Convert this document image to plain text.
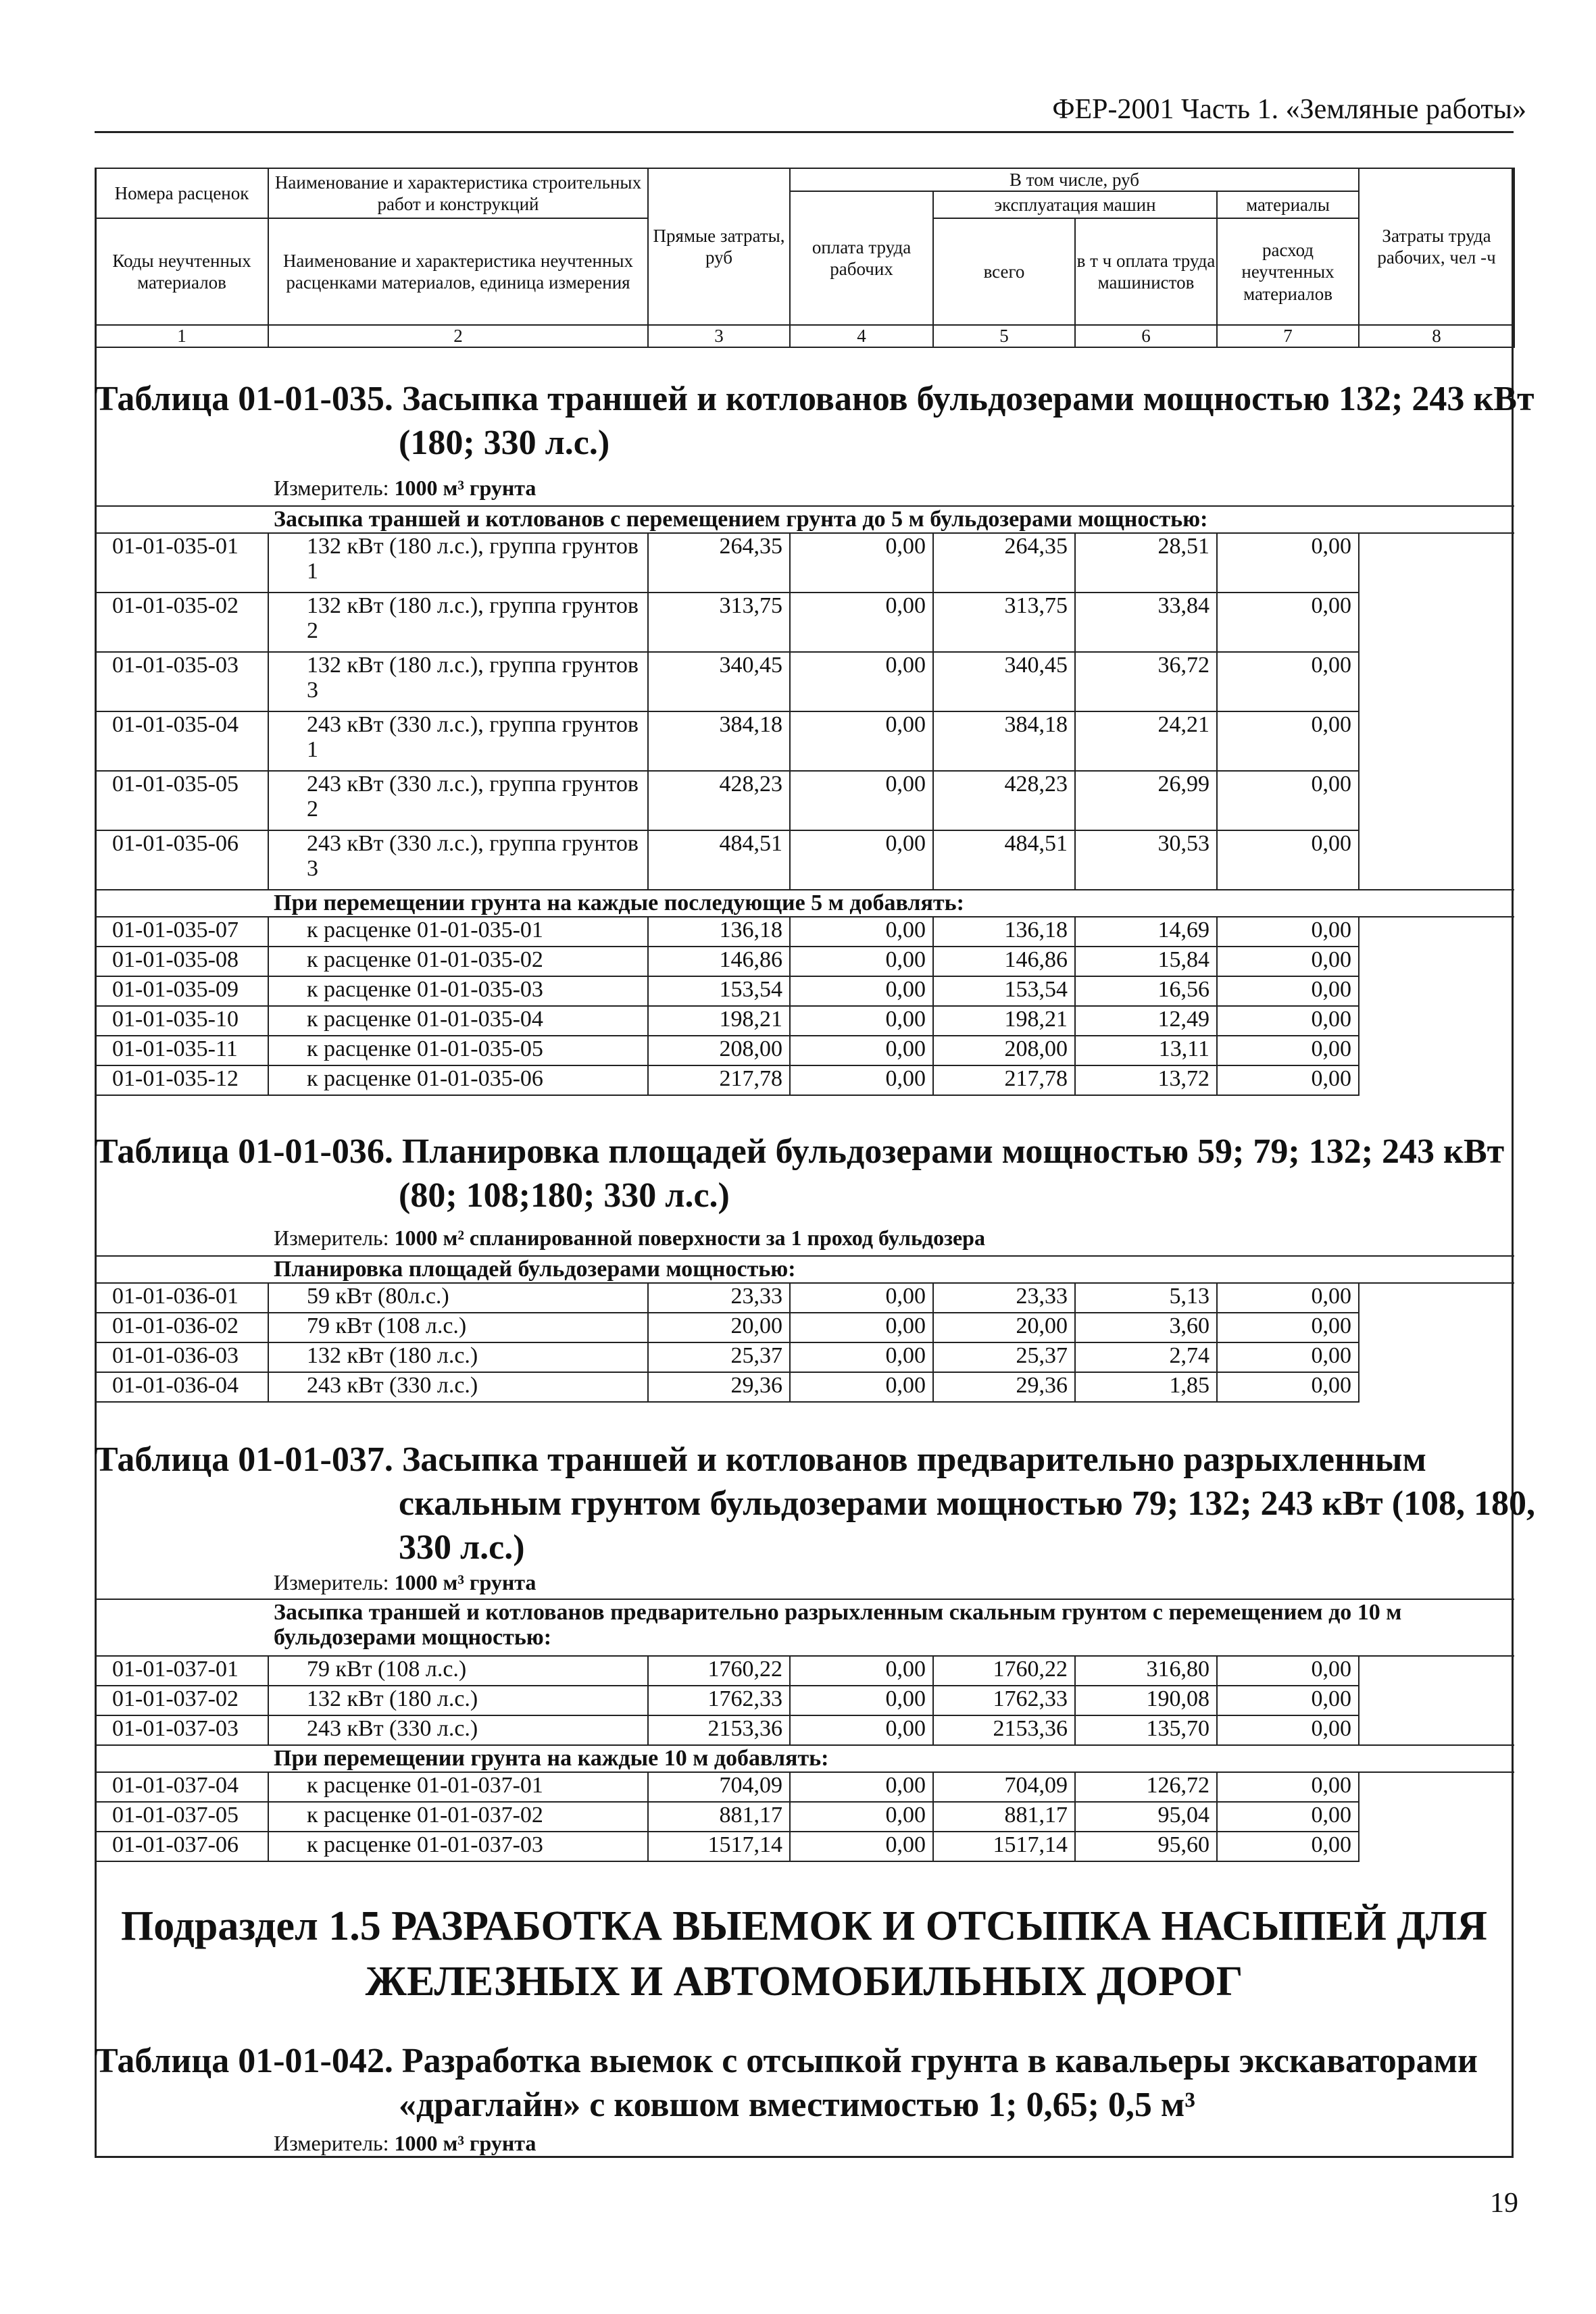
ФЕР-2001 Часть 1. «Земляные работы»
Номера расценок	Наименование и характеристика строительных работ и конструкций	Прямые затраты, руб	В том числе, руб				Затраты труда рабочих, чел -ч
			оплата труда рабочих	эксплуатация машин		материалы	
Коды неучтенных материалов	Наименование и характеристика неучтенных расценками материалов, единица измерения			всего	в т ч оплата труда машинистов	расход неучтенных материалов	

1	2	3	4	5	6	7	8
Таблица 01-01-035. Засыпка траншей и котлованов бульдозерами мощностью 132; 243 кВт
(180; 330 л.с.)
Измеритель: 1000 м³ грунта
	Засыпка траншей и котлованов с перемещением грунта до 5 м бульдозерами мощностью:						
01-01-035-01	132 кВт (180 л.с.), группа грунтов 1	264,35	0,00	264,35	28,51	0,00	
01-01-035-02	132 кВт (180 л.с.), группа грунтов 2	313,75	0,00	313,75	33,84	0,00	
01-01-035-03	132 кВт (180 л.с.), группа грунтов 3	340,45	0,00	340,45	36,72	0,00	
01-01-035-04	243 кВт (330 л.с.), группа грунтов 1	384,18	0,00	384,18	24,21	0,00	
01-01-035-05	243 кВт (330 л.с.), группа грунтов 2	428,23	0,00	428,23	26,99	0,00	
01-01-035-06	243 кВт (330 л.с.), группа грунтов 3	484,51	0,00	484,51	30,53	0,00	
	При перемещении грунта на каждые последующие 5 м добавлять:						
01-01-035-07	к расценке 01-01-035-01	136,18	0,00	136,18	14,69	0,00	
01-01-035-08	к расценке 01-01-035-02	146,86	0,00	146,86	15,84	0,00	
01-01-035-09	к расценке 01-01-035-03	153,54	0,00	153,54	16,56	0,00	
01-01-035-10	к расценке 01-01-035-04	198,21	0,00	198,21	12,49	0,00	
01-01-035-11	к расценке 01-01-035-05	208,00	0,00	208,00	13,11	0,00	
01-01-035-12	к расценке 01-01-035-06	217,78	0,00	217,78	13,72	0,00	
Таблица 01-01-036. Планировка площадей бульдозерами мощностью 59; 79; 132; 243 кВт
(80; 108;180; 330 л.с.)
Измеритель: 1000 м² спланированной поверхности за 1 проход бульдозера
	Планировка площадей бульдозерами мощностью:						
01-01-036-01	59 кВт (80л.с.)	23,33	0,00	23,33	5,13	0,00	
01-01-036-02	79 кВт (108 л.с.)	20,00	0,00	20,00	3,60	0,00	
01-01-036-03	132 кВт (180 л.с.)	25,37	0,00	25,37	2,74	0,00	
01-01-036-04	243 кВт (330 л.с.)	29,36	0,00	29,36	1,85	0,00	
Таблица 01-01-037. Засыпка траншей и котлованов предварительно разрыхленным
скальным грунтом бульдозерами мощностью 79; 132; 243 кВт (108, 180,
330 л.с.)
Измеритель: 1000 м³ грунта
	Засыпка траншей и котлованов предварительно разрыхленным скальным грунтом с перемещением до 10 м бульдозерами мощностью:						
01-01-037-01	79 кВт (108 л.с.)	1760,22	0,00	1760,22	316,80	0,00	
01-01-037-02	132 кВт (180 л.с.)	1762,33	0,00	1762,33	190,08	0,00	
01-01-037-03	243 кВт (330 л.с.)	2153,36	0,00	2153,36	135,70	0,00	
	При перемещении грунта на каждые 10 м добавлять:						
01-01-037-04	к расценке 01-01-037-01	704,09	0,00	704,09	126,72	0,00	
01-01-037-05	к расценке 01-01-037-02	881,17	0,00	881,17	95,04	0,00	
01-01-037-06	к расценке 01-01-037-03	1517,14	0,00	1517,14	95,60	0,00	
Подраздел 1.5 РАЗРАБОТКА ВЫЕМОК И ОТСЫПКА НАСЫПЕЙ ДЛЯ
ЖЕЛЕЗНЫХ И АВТОМОБИЛЬНЫХ ДОРОГ
Таблица 01-01-042. Разработка выемок с отсыпкой грунта в кавальеры экскаваторами
«драглайн» с ковшом вместимостью 1; 0,65; 0,5 м³
Измеритель: 1000 м³ грунта
19
